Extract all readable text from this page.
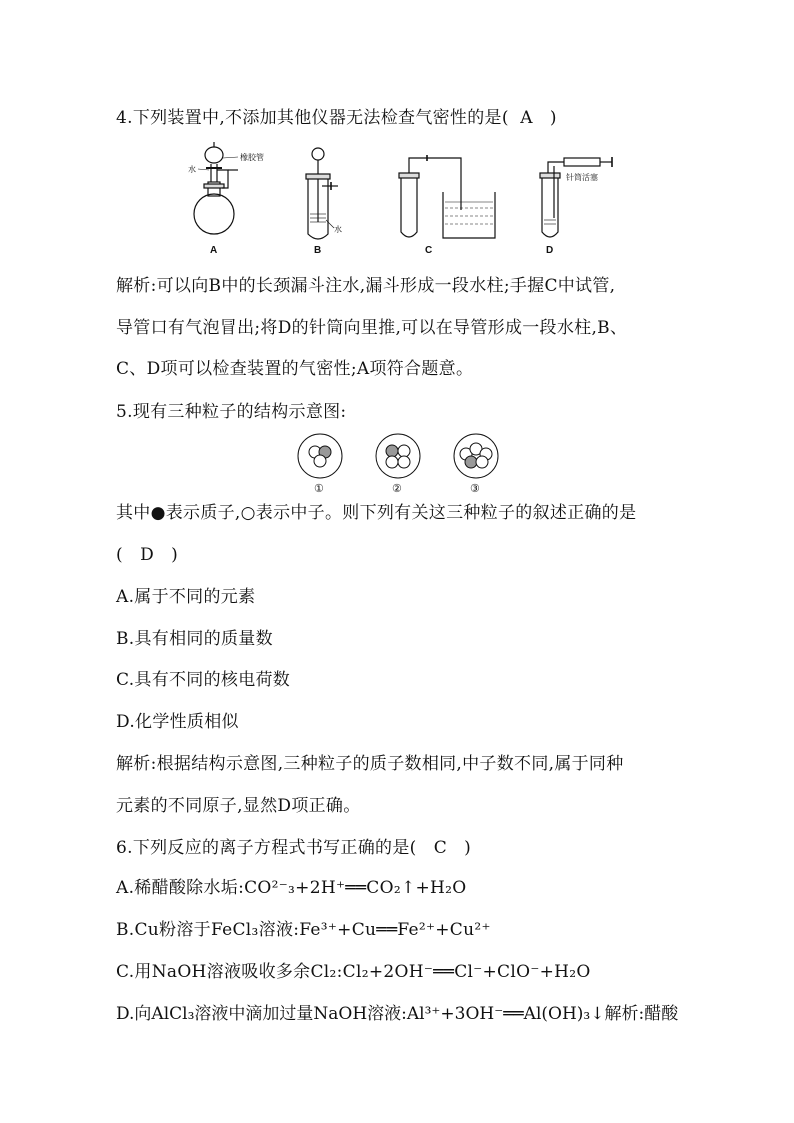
4.下列装置中,不添加其他仪器无法检查气密性的是( A )
橡胶管
水
A
水
B	C
针筒活塞
D
解析:可以向B中的长颈漏斗注水,漏斗形成一段水柱;手握C中试管,
导管口有气泡冒出;将D的针筒向里推,可以在导管形成一段水柱,B、
C、D项可以检查装置的气密性;A项符合题意。
5.现有三种粒子的结构示意图:
①	②	③
其中●表示质子,○表示中子。则下列有关这三种粒子的叙述正确的是
( D )
A.属于不同的元素
B.具有相同的质量数
C.具有不同的核电荷数
D.化学性质相似
解析:根据结构示意图,三种粒子的质子数相同,中子数不同,属于同种
元素的不同原子,显然D项正确。
6.下列反应的离子方程式书写正确的是( C )
A.稀醋酸除水垢:CO²⁻₃+2H⁺══CO₂↑+H₂O
B.Cu粉溶于FeCl₃溶液:Fe³⁺+Cu══Fe²⁺+Cu²⁺
C.用NaOH溶液吸收多余Cl₂:Cl₂+2OH⁻══Cl⁻+ClO⁻+H₂O
D.向AlCl₃溶液中滴加过量NaOH溶液:Al³⁺+3OH⁻══Al(OH)₃↓解析:醋酸
